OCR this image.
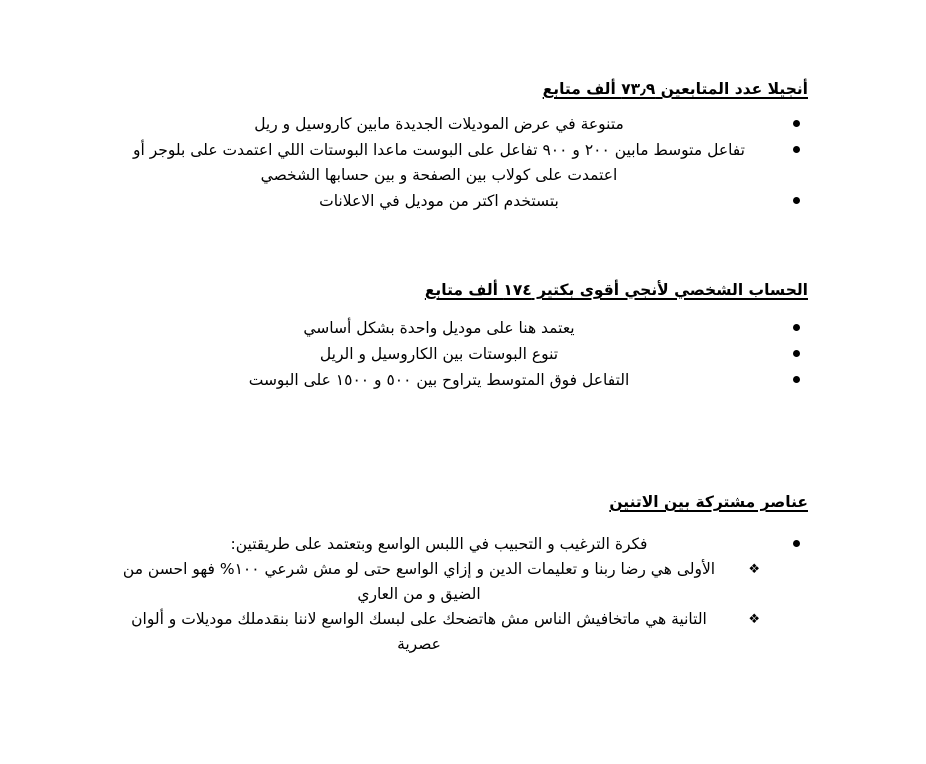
أنجيلا عدد المتابعين ٧٣٫٩ ألف متابع
متنوعة في عرض الموديلات الجديدة مابين كاروسيل و ريل
تفاعل متوسط مابين ٢٠٠ و ٩٠٠ تفاعل على البوست ماعدا البوستات اللي اعتمدت على بلوجر أو اعتمدت على كولاب بين الصفحة و بين حسابها الشخصي
بتستخدم اكتر من موديل في الاعلانات
الحساب الشخصي لأنجي أقوى بكتير ١٧٤ ألف متابع
يعتمد هنا على موديل واحدة بشكل أساسي
تنوع البوستات بين الكاروسيل و الريل
التفاعل فوق المتوسط يتراوح بين ٥٠٠ و ١٥٠٠ على البوست
عناصر مشتركة بين الاتنين
فكرة الترغيب و التحبيب في اللبس الواسع وبتعتمد على طريقتين:
❖
الأولى هي رضا ربنا و تعليمات الدين و إزاي الواسع حتى لو مش شرعي ١٠٠% فهو احسن من الضيق و من العاري
❖
التانية هي ماتخافيش الناس مش هاتضحك على لبسك الواسع لاننا بنقدملك موديلات و ألوان عصرية
